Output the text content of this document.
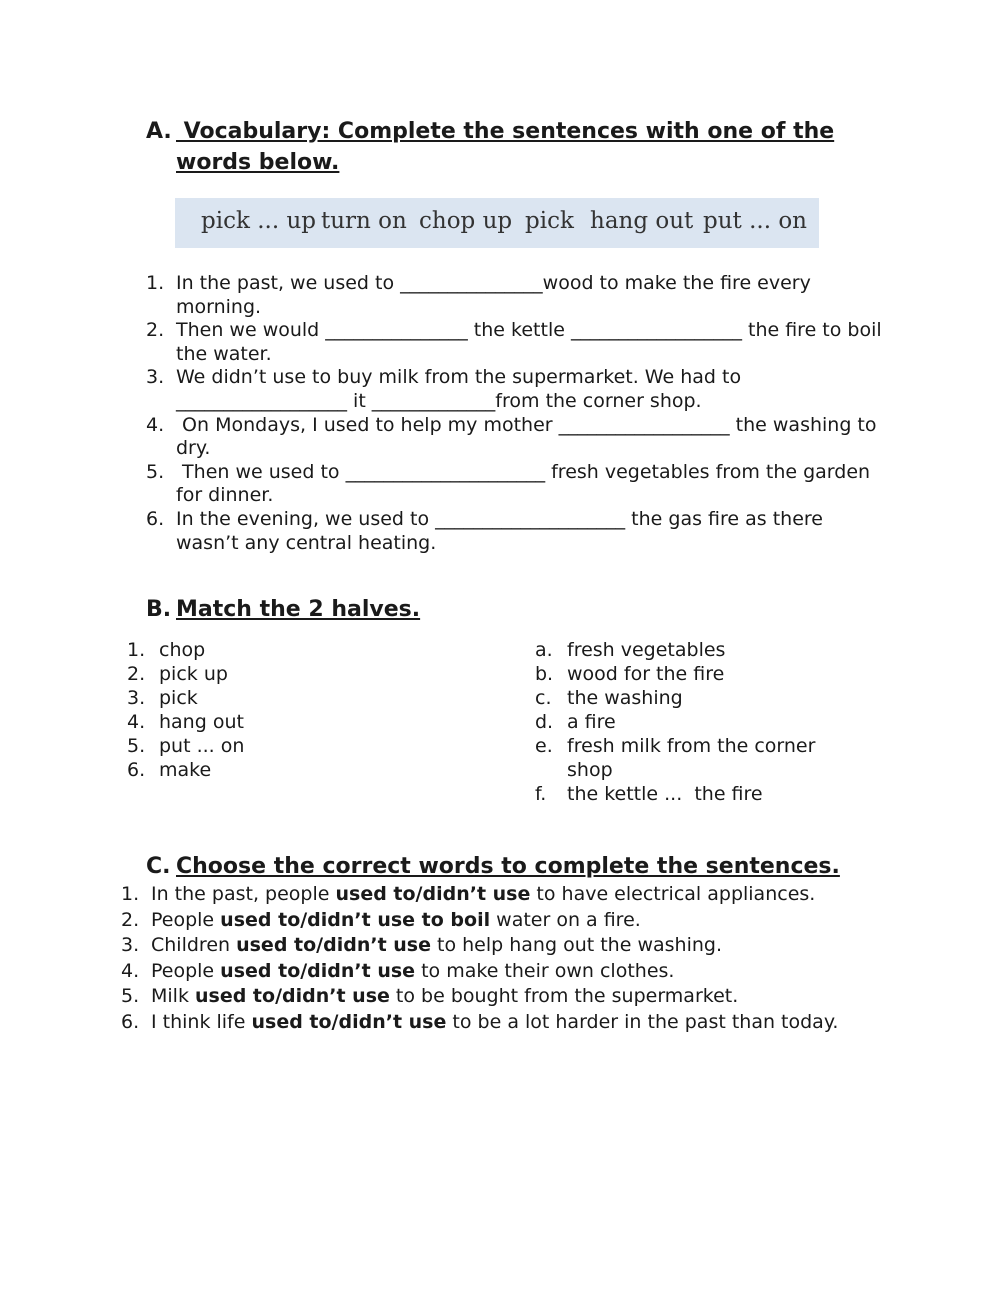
A. Vocabulary: Complete the sentences with one of the
words below.
pick ... up turn on chop up pick hang out put ... on
1. In the past, we used to _______________wood to make the fire every morning.
2. Then we would _______________ the kettle __________________ the fire to boil the water.
3. We didn’t use to buy milk from the supermarket. We had to __________________ it _____________from the corner shop.
4. On Mondays, I used to help my mother __________________ the washing to dry.
5. Then we used to _____________________ fresh vegetables from the garden for dinner.
6. In the evening, we used to ____________________ the gas fire as there wasn’t any central heating.
B. Match the 2 halves.
1. chop
2. pick up
3. pick
4. hang out
5. put ... on
6. make
a. fresh vegetables
b. wood for the fire
c. the washing
d. a fire
e. fresh milk from the corner shop
f. the kettle ...  the fire
C. Choose the correct words to complete the sentences.
1. In the past, people used to/didn’t use to have electrical appliances.
2. People used to/didn’t use to boil water on a fire.
3. Children used to/didn’t use to help hang out the washing.
4. People used to/didn’t use to make their own clothes.
5. Milk used to/didn’t use to be bought from the supermarket.
6. I think life used to/didn’t use to be a lot harder in the past than today.
